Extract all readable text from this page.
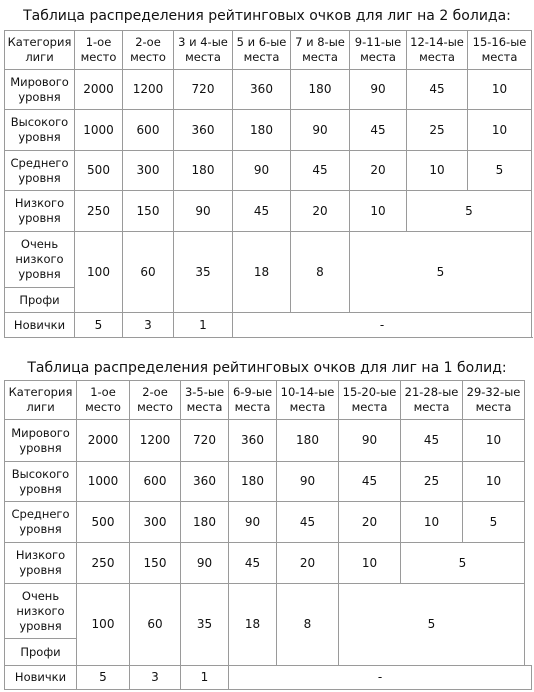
Таблица распределения рейтинговых очков для лиг на 2 болида:
Категория лиги	1-ое место	2-ое место	3 и 4-ые места	5 и 6-ые места	7 и 8-ые места	9-11-ые места	12-14-ые места	15-16-ые места
Мирового уровня	2000	1200	720	360	180	90	45	10
Высокого уровня	1000	600	360	180	90	45	25	10
Среднего уровня	500	300	180	90	45	20	10	5
Низкого уровня	250	150	90	45	20	10	5	
Очень низкого уровня	100	60	35	18	8	5		
Профи								
Новички	5	3	1	-				
Таблица распределения рейтинговых очков для лиг на 1 болид:
Категория лиги	1-ое место	2-ое место	3-5-ые места	6-9-ые места	10-14-ые места	15-20-ые места	21-28-ые места	29-32-ые места
Мирового уровня	2000	1200	720	360	180	90	45	10
Высокого уровня	1000	600	360	180	90	45	25	10
Среднего уровня	500	300	180	90	45	20	10	5
Низкого уровня	250	150	90	45	20	10	5	
Очень низкого уровня	100	60	35	18	8	5		
Профи								
Новички	5	3	1	-				
